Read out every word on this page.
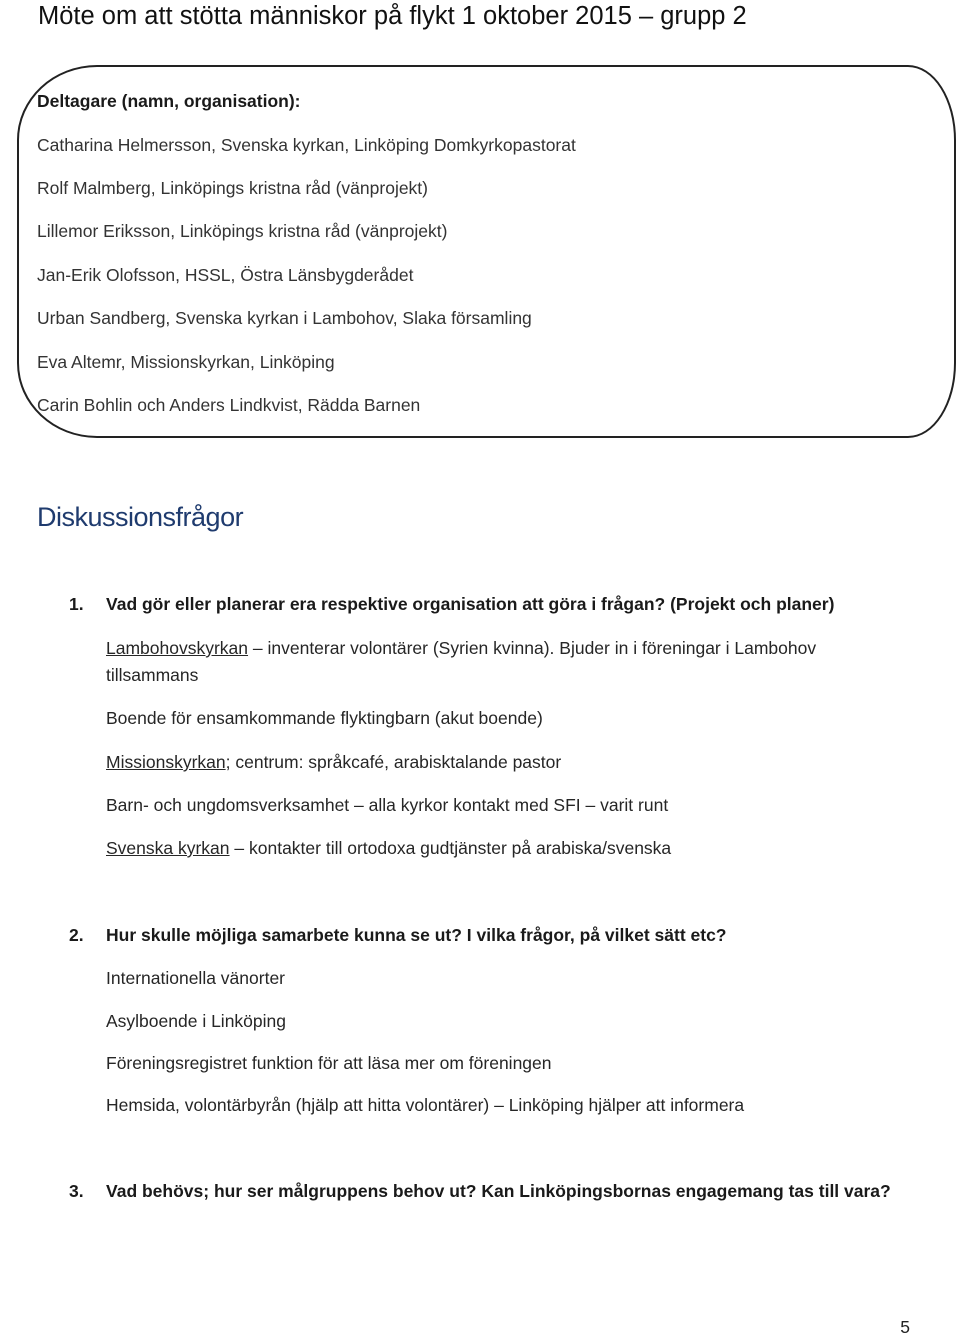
Möte om att stötta människor på flykt 1 oktober 2015 – grupp 2
Deltagare (namn, organisation):
Catharina Helmersson, Svenska kyrkan, Linköping Domkyrkopastorat
Rolf Malmberg, Linköpings kristna råd (vänprojekt)
Lillemor Eriksson, Linköpings kristna råd (vänprojekt)
Jan-Erik Olofsson, HSSL, Östra Länsbygderådet
Urban Sandberg, Svenska kyrkan i Lambohov, Slaka församling
Eva Altemr, Missionskyrkan, Linköping
Carin Bohlin och Anders Lindkvist, Rädda Barnen
Diskussionsfrågor
1. Vad gör eller planerar era respektive organisation att göra i frågan? (Projekt och planer)
Lambohovskyrkan – inventerar volontärer (Syrien kvinna). Bjuder in i föreningar i Lambohov
tillsammans
Boende för ensamkommande flyktingbarn (akut boende)
Missionskyrkan; centrum: språkcafé, arabisktalande pastor
Barn- och ungdomsverksamhet – alla kyrkor kontakt med SFI – varit runt
Svenska kyrkan – kontakter till ortodoxa gudtjänster på arabiska/svenska
2. Hur skulle möjliga samarbete kunna se ut? I vilka frågor, på vilket sätt etc?
Internationella vänorter
Asylboende i Linköping
Föreningsregistret funktion för att läsa mer om föreningen
Hemsida, volontärbyrån (hjälp att hitta volontärer) – Linköping hjälper att informera
3. Vad behövs; hur ser målgruppens behov ut? Kan Linköpingsbornas engagemang tas till vara?
5
